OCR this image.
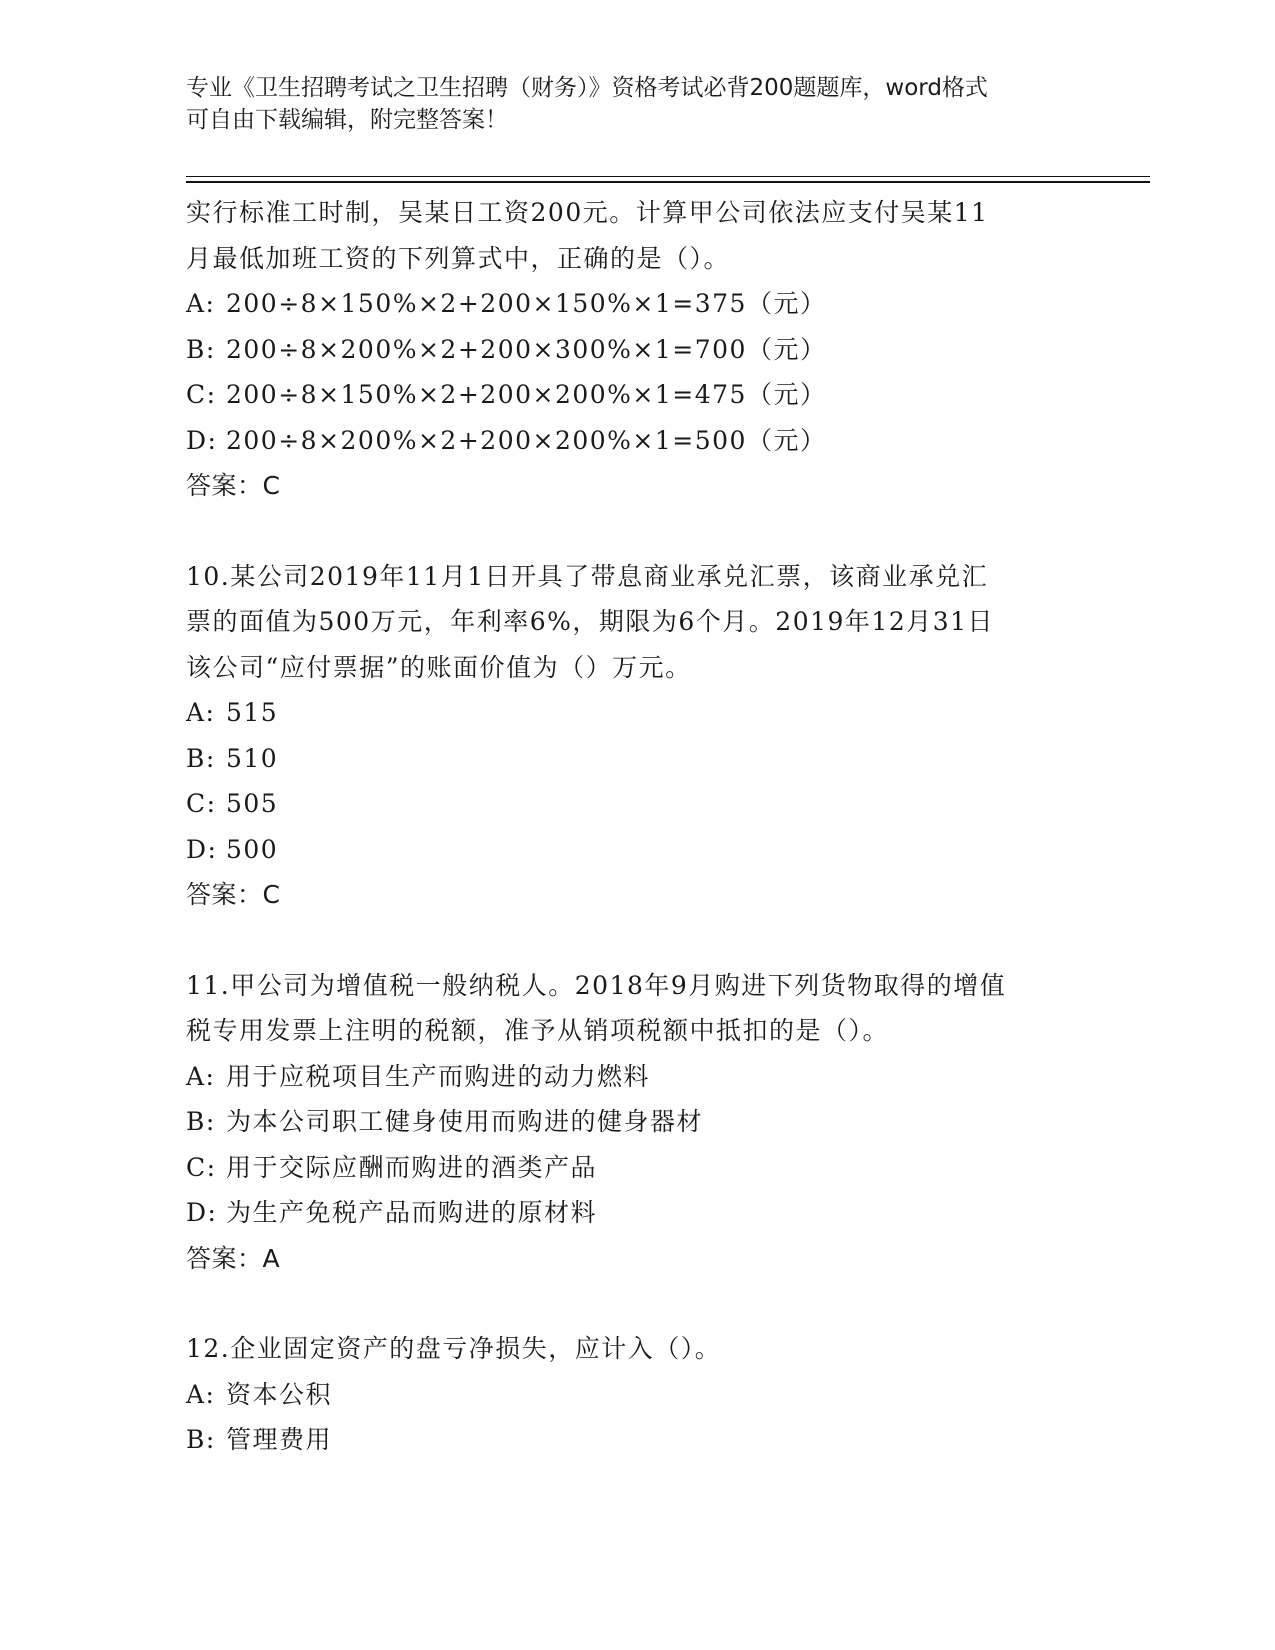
专业《卫生招聘考试之卫生招聘（财务）》资格考试必背200题题库，word格式
可自由下载编辑，附完整答案！
实行标准工时制，吴某日工资200元。计算甲公司依法应支付吴某11
月最低加班工资的下列算式中，正确的是（）。
A: 200÷8×150%×2+200×150%×1=375（元）
B: 200÷8×200%×2+200×300%×1=700（元）
C: 200÷8×150%×2+200×200%×1=475（元）
D: 200÷8×200%×2+200×200%×1=500（元）
答案：C
10.某公司2019年11月1日开具了带息商业承兑汇票，该商业承兑汇
票的面值为500万元，年利率6%，期限为6个月。2019年12月31日
该公司“应付票据”的账面价值为（）万元。
A: 515
B: 510
C: 505
D: 500
答案：C
11.甲公司为增值税一般纳税人。2018年9月购进下列货物取得的增值
税专用发票上注明的税额，准予从销项税额中抵扣的是（）。
A: 用于应税项目生产而购进的动力燃料
B: 为本公司职工健身使用而购进的健身器材
C: 用于交际应酬而购进的酒类产品
D: 为生产免税产品而购进的原材料
答案：A
12.企业固定资产的盘亏净损失，应计入（）。
A: 资本公积
B: 管理费用
